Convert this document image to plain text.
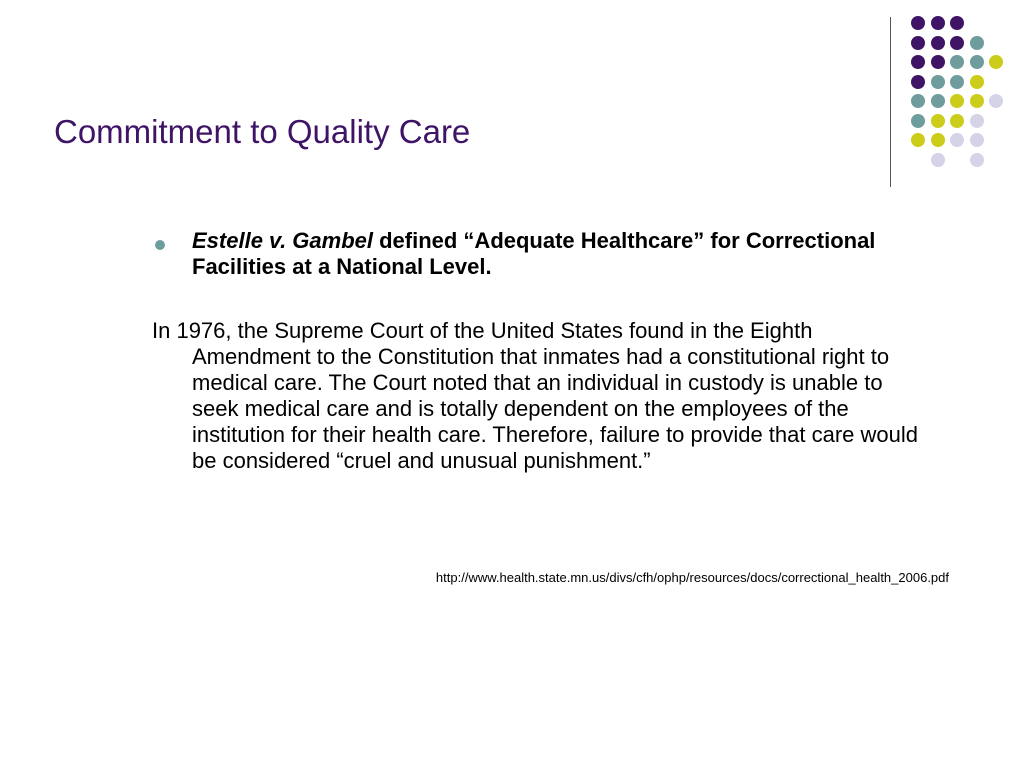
Commitment to Quality Care
Estelle v. Gambel defined “Adequate Healthcare” for Correctional Facilities at a National Level.
In 1976, the Supreme Court of the United States found in the Eighth Amendment to the Constitution that inmates had a constitutional right to medical care. The Court noted that an individual in custody is unable to seek medical care and is totally dependent on the employees of the institution for their health care. Therefore, failure to provide that care would be considered “cruel and unusual punishment.”
http://www.health.state.mn.us/divs/cfh/ophp/resources/docs/correctional_health_2006.pdf
